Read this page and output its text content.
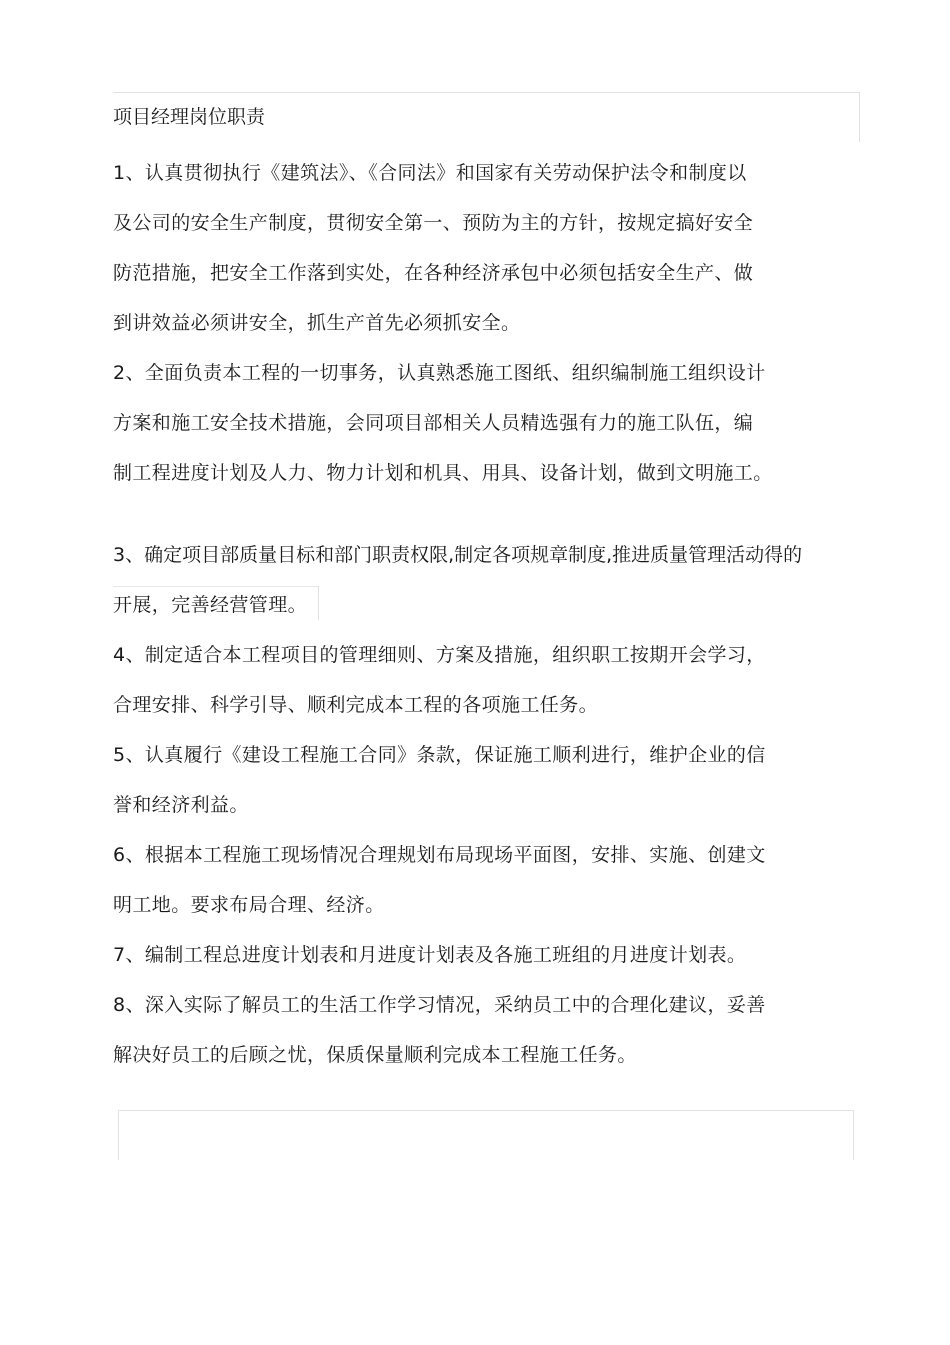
项目经理岗位职责
1、认真贯彻执行《建筑法》、《合同法》和国家有关劳动保护法令和制度以
及公司的安全生产制度，贯彻安全第一、预防为主的方针，按规定搞好安全
防范措施，把安全工作落到实处，在各种经济承包中必须包括安全生产、做
到讲效益必须讲安全，抓生产首先必须抓安全。
2、全面负责本工程的一切事务，认真熟悉施工图纸、组织编制施工组织设计
方案和施工安全技术措施，会同项目部相关人员精选强有力的施工队伍，编
制工程进度计划及人力、物力计划和机具、用具、设备计划，做到文明施工。
3、确定项目部质量目标和部门职责权限,制定各项规章制度,推进质量管理活动得的
开展，完善经营管理。
4、制定适合本工程项目的管理细则、方案及措施，组织职工按期开会学习，
合理安排、科学引导、顺利完成本工程的各项施工任务。
5、认真履行《建设工程施工合同》条款，保证施工顺利进行，维护企业的信
誉和经济利益。
6、根据本工程施工现场情况合理规划布局现场平面图，安排、实施、创建文
明工地。要求布局合理、经济。
7、编制工程总进度计划表和月进度计划表及各施工班组的月进度计划表。
8、深入实际了解员工的生活工作学习情况，采纳员工中的合理化建议，妥善
解决好员工的后顾之忧，保质保量顺利完成本工程施工任务。
